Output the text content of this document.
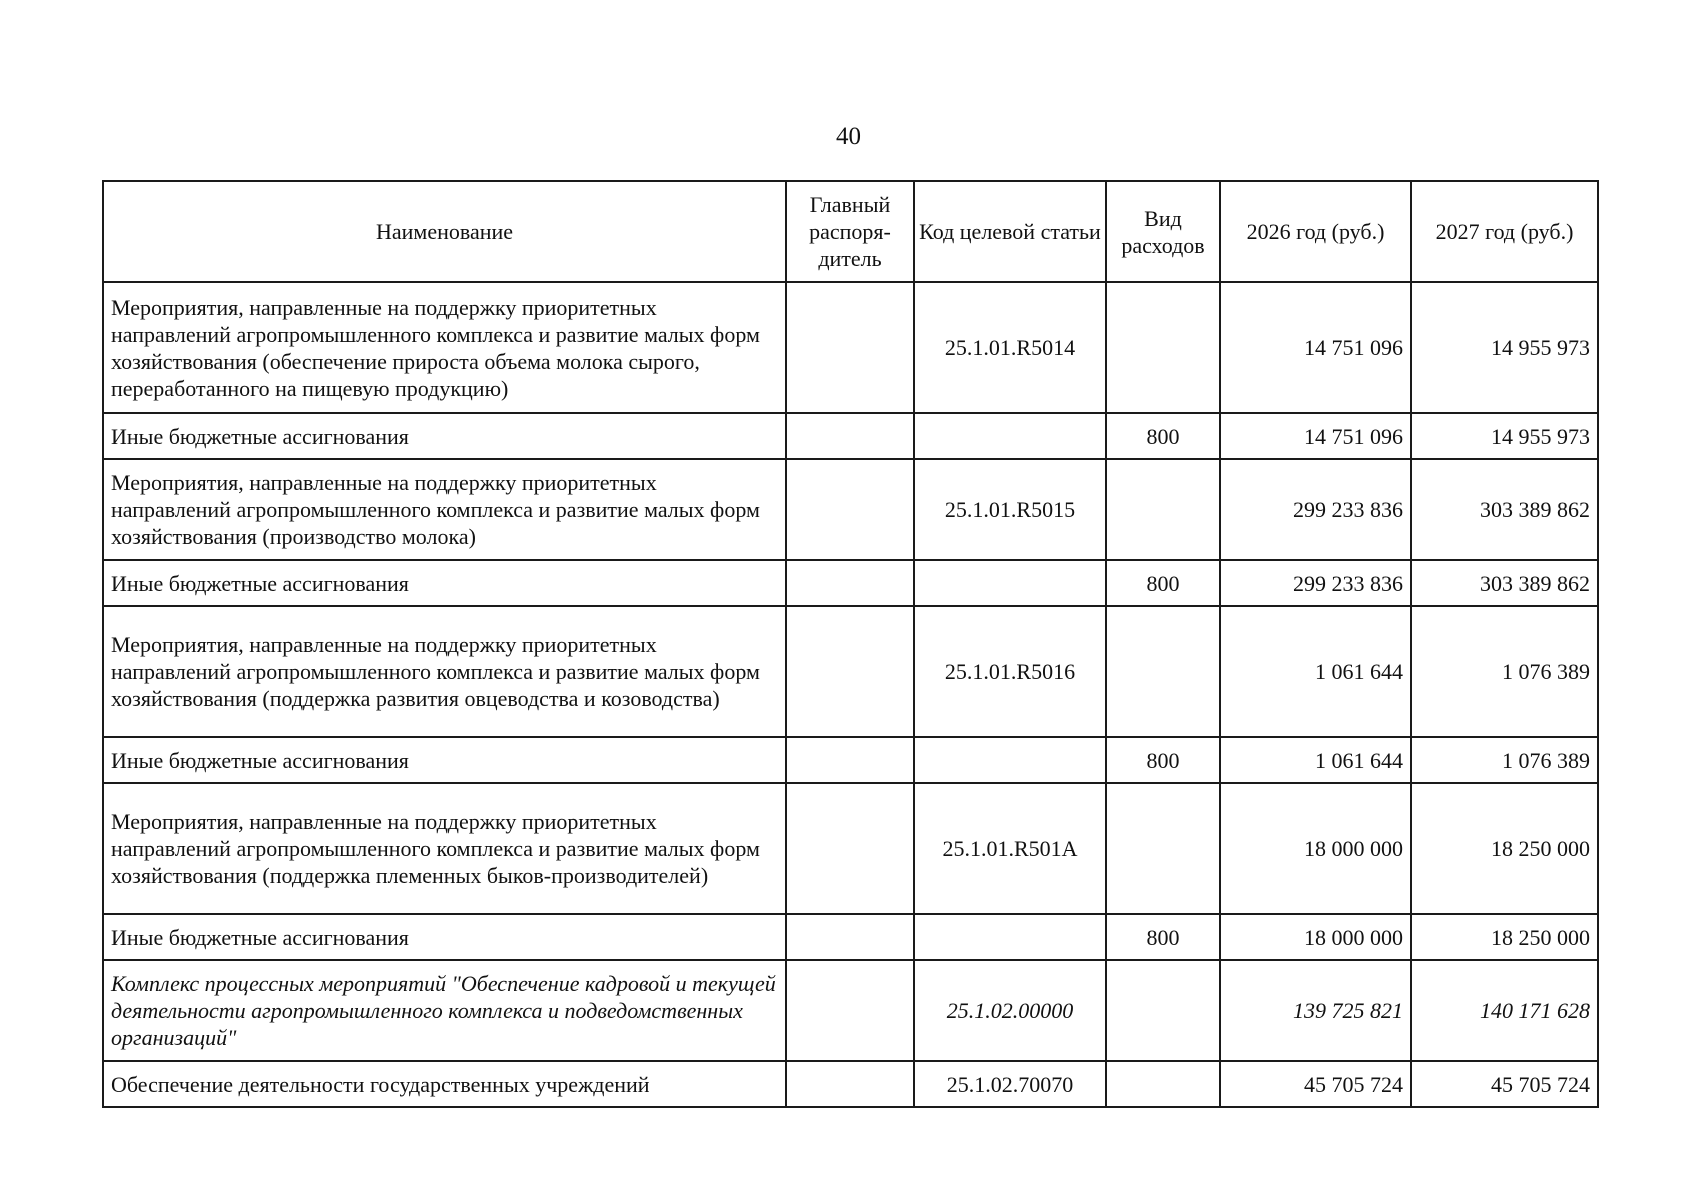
40
Наименование	Главный распоря-дитель	Код целевой статьи	Вид расходов	2026 год (руб.)	2027 год (руб.)
Мероприятия, направленные на поддержку приоритетных направлений агропромышленного комплекса и развитие малых форм хозяйствования (обеспечение прироста объема молока сырого, переработанного на пищевую продукцию)		25.1.01.R5014		14 751 096	14 955 973
Иные бюджетные ассигнования			800	14 751 096	14 955 973
Мероприятия, направленные на поддержку приоритетных направлений агропромышленного комплекса и развитие малых форм хозяйствования (производство молока)		25.1.01.R5015		299 233 836	303 389 862
Иные бюджетные ассигнования			800	299 233 836	303 389 862
Мероприятия, направленные на поддержку приоритетных направлений агропромышленного комплекса и развитие малых форм хозяйствования (поддержка развития овцеводства и козоводства)		25.1.01.R5016		1 061 644	1 076 389
Иные бюджетные ассигнования			800	1 061 644	1 076 389
Мероприятия, направленные на поддержку приоритетных направлений агропромышленного комплекса и развитие малых форм хозяйствования (поддержка племенных быков-производителей)		25.1.01.R501A		18 000 000	18 250 000
Иные бюджетные ассигнования			800	18 000 000	18 250 000
Комплекс процессных мероприятий "Обеспечение кадровой и текущей деятельности агропромышленного комплекса и подведомственных организаций"		25.1.02.00000		139 725 821	140 171 628
Обеспечение деятельности государственных учреждений		25.1.02.70070		45 705 724	45 705 724
